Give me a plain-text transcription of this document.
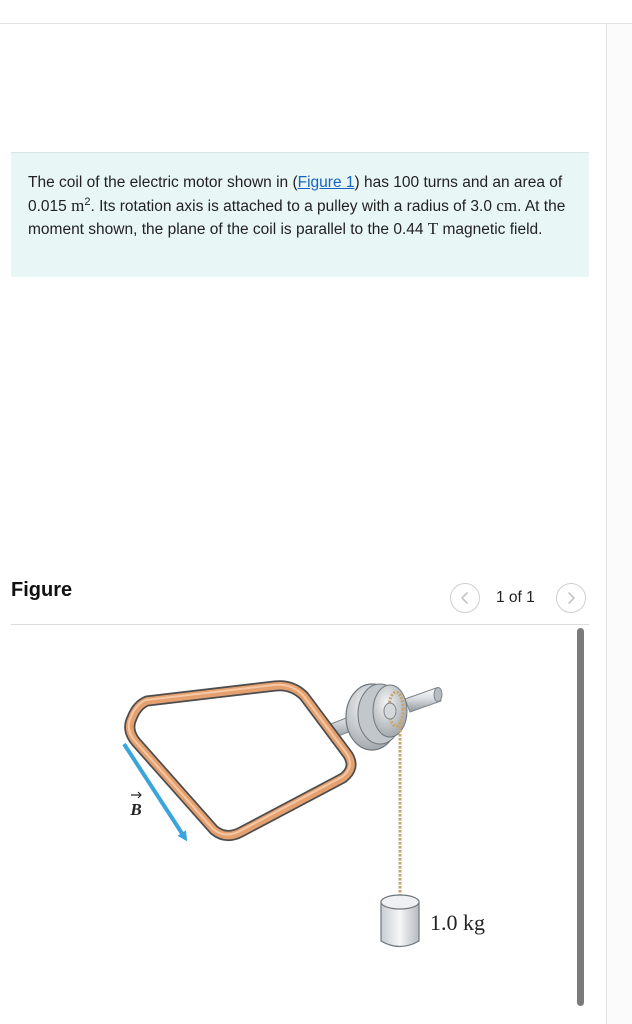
The coil of the electric motor shown in (Figure 1) has 100 turns and an area of 0.015 $m^2$. Its rotation axis is attached to a pulley with a radius of 3.0 cm. At the moment shown, the plane of the coil is parallel to the 0.44 T magnetic field.

Figure	1 of 1
B
1.0 kg
